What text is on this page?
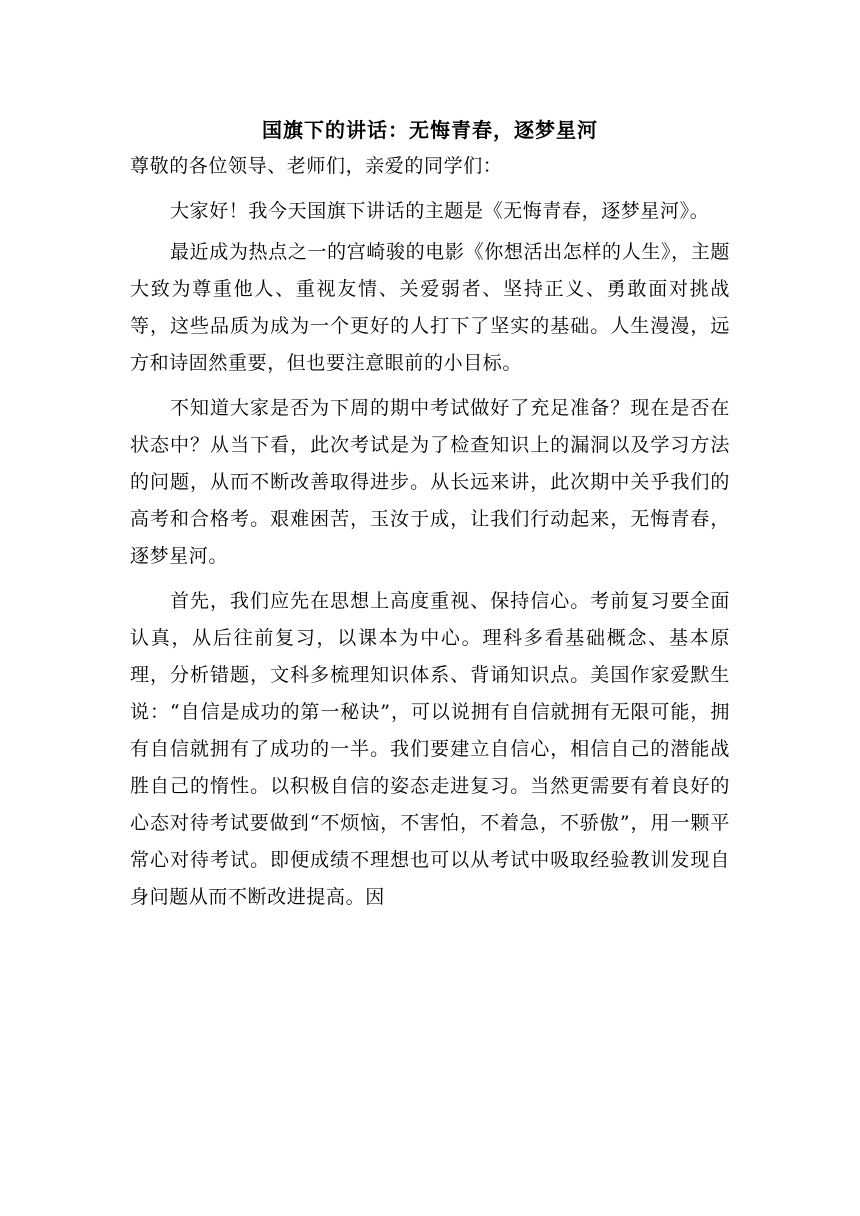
国旗下的讲话：无悔青春，逐梦星河

尊敬的各位领导、老师们，亲爱的同学们：

大家好！我今天国旗下讲话的主题是《无悔青春，逐梦星河》。

最近成为热点之一的宫崎骏的电影《你想活出怎样的人生》，主题大致为尊重他人、重视友情、关爱弱者、坚持正义、勇敢面对挑战等，这些品质为成为一个更好的人打下了坚实的基础。人生漫漫，远方和诗固然重要，但也要注意眼前的小目标。

不知道大家是否为下周的期中考试做好了充足准备？现在是否在状态中？从当下看，此次考试是为了检查知识上的漏洞以及学习方法的问题，从而不断改善取得进步。从长远来讲，此次期中关乎我们的高考和合格考。艰难困苦，玉汝于成，让我们行动起来，无悔青春，逐梦星河。

首先，我们应先在思想上高度重视、保持信心。考前复习要全面认真，从后往前复习，以课本为中心。理科多看基础概念、基本原理，分析错题，文科多梳理知识体系、背诵知识点。美国作家爱默生说：“自信是成功的第一秘诀”，可以说拥有自信就拥有无限可能，拥有自信就拥有了成功的一半。我们要建立自信心，相信自己的潜能战胜自己的惰性。以积极自信的姿态走进复习。当然更需要有着良好的心态对待考试要做到“不烦恼，不害怕，不着急，不骄傲”，用一颗平常心对待考试。即便成绩不理想也可以从考试中吸取经验教训发现自身问题从而不断改进提高。因
